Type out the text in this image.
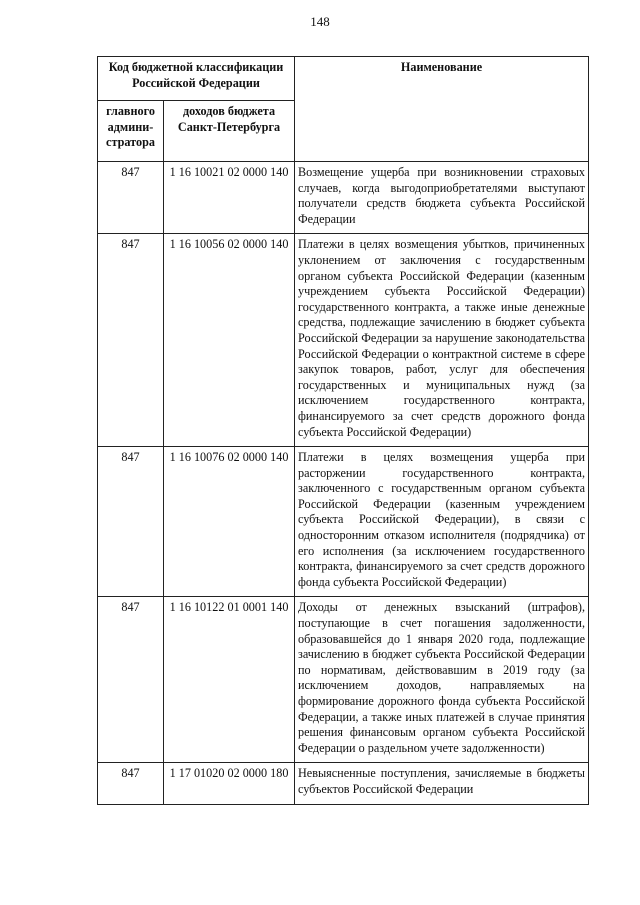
148
Код бюджетной классификации Российской Федерации		Наименование
главного админи-стратора	доходов бюджета Санкт-Петербурга	
847	1 16 10021 02 0000 140	Возмещение ущерба при возникновении страховых случаев, когда выгодоприобретателями выступают получатели средств бюджета субъекта Российской Федерации
847	1 16 10056 02 0000 140	Платежи в целях возмещения убытков, причиненных уклонением от заключения с государственным органом субъекта Российской Федерации (казенным учреждением субъекта Российской Федерации) государственного контракта, а также иные денежные средства, подлежащие зачислению в бюджет субъекта Российской Федерации за нарушение законодательства Российской Федерации о контрактной системе в сфере закупок товаров, работ, услуг для обеспечения государственных и муниципальных нужд (за исключением государственного контракта, финансируемого за счет средств дорожного фонда субъекта Российской Федерации)
847	1 16 10076 02 0000 140	Платежи в целях возмещения ущерба при расторжении государственного контракта, заключенного с государственным органом субъекта Российской Федерации (казенным учреждением субъекта Российской Федерации), в связи с односторонним отказом исполнителя (подрядчика) от его исполнения (за исключением государственного контракта, финансируемого за счет средств дорожного фонда субъекта Российской Федерации)
847	1 16 10122 01 0001 140	Доходы от денежных взысканий (штрафов), поступающие в счет погашения задолженности, образовавшейся до 1 января 2020 года, подлежащие зачислению в бюджет субъекта Российской Федерации по нормативам, действовавшим в 2019 году (за исключением доходов, направляемых на формирование дорожного фонда субъекта Российской Федерации, а также иных платежей в случае принятия решения финансовым органом субъекта Российской Федерации о раздельном учете задолженности)
847	1 17 01020 02 0000 180	Невыясненные поступления, зачисляемые в бюджеты субъектов Российской Федерации
